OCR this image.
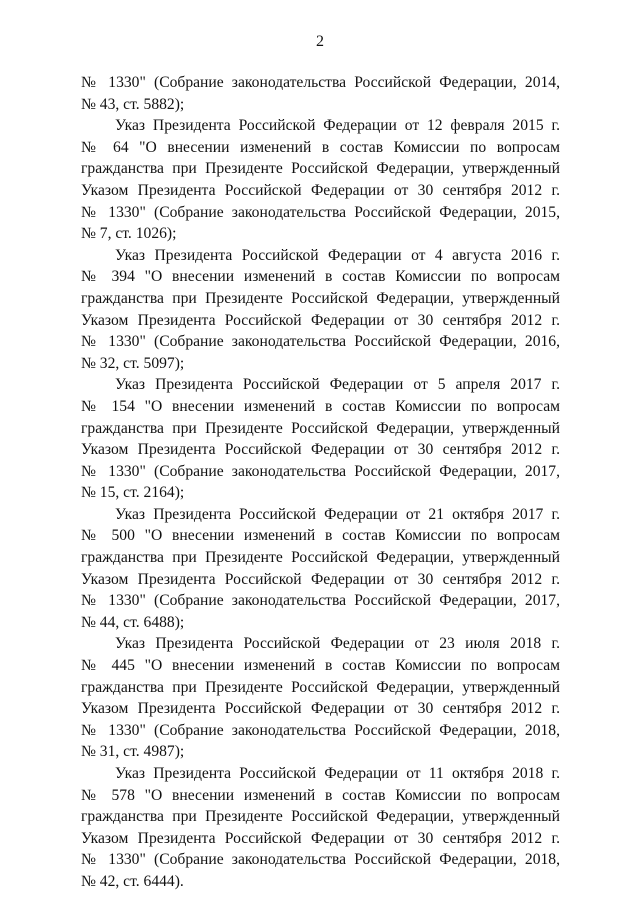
2
№ 1330" (Собрание законодательства Российской Федерации, 2014,
№ 43, ст. 5882);
Указ Президента Российской Федерации от 12 февраля 2015 г.
№ 64 "О внесении изменений в состав Комиссии по вопросам
гражданства при Президенте Российской Федерации, утвержденный
Указом Президента Российской Федерации от 30 сентября 2012 г.
№ 1330" (Собрание законодательства Российской Федерации, 2015,
№ 7, ст. 1026);
Указ Президента Российской Федерации от 4 августа 2016 г.
№ 394 "О внесении изменений в состав Комиссии по вопросам
гражданства при Президенте Российской Федерации, утвержденный
Указом Президента Российской Федерации от 30 сентября 2012 г.
№ 1330" (Собрание законодательства Российской Федерации, 2016,
№ 32, ст. 5097);
Указ Президента Российской Федерации от 5 апреля 2017 г.
№ 154 "О внесении изменений в состав Комиссии по вопросам
гражданства при Президенте Российской Федерации, утвержденный
Указом Президента Российской Федерации от 30 сентября 2012 г.
№ 1330" (Собрание законодательства Российской Федерации, 2017,
№ 15, ст. 2164);
Указ Президента Российской Федерации от 21 октября 2017 г.
№ 500 "О внесении изменений в состав Комиссии по вопросам
гражданства при Президенте Российской Федерации, утвержденный
Указом Президента Российской Федерации от 30 сентября 2012 г.
№ 1330" (Собрание законодательства Российской Федерации, 2017,
№ 44, ст. 6488);
Указ Президента Российской Федерации от 23 июля 2018 г.
№ 445 "О внесении изменений в состав Комиссии по вопросам
гражданства при Президенте Российской Федерации, утвержденный
Указом Президента Российской Федерации от 30 сентября 2012 г.
№ 1330" (Собрание законодательства Российской Федерации, 2018,
№ 31, ст. 4987);
Указ Президента Российской Федерации от 11 октября 2018 г.
№ 578 "О внесении изменений в состав Комиссии по вопросам
гражданства при Президенте Российской Федерации, утвержденный
Указом Президента Российской Федерации от 30 сентября 2012 г.
№ 1330" (Собрание законодательства Российской Федерации, 2018,
№ 42, ст. 6444).
